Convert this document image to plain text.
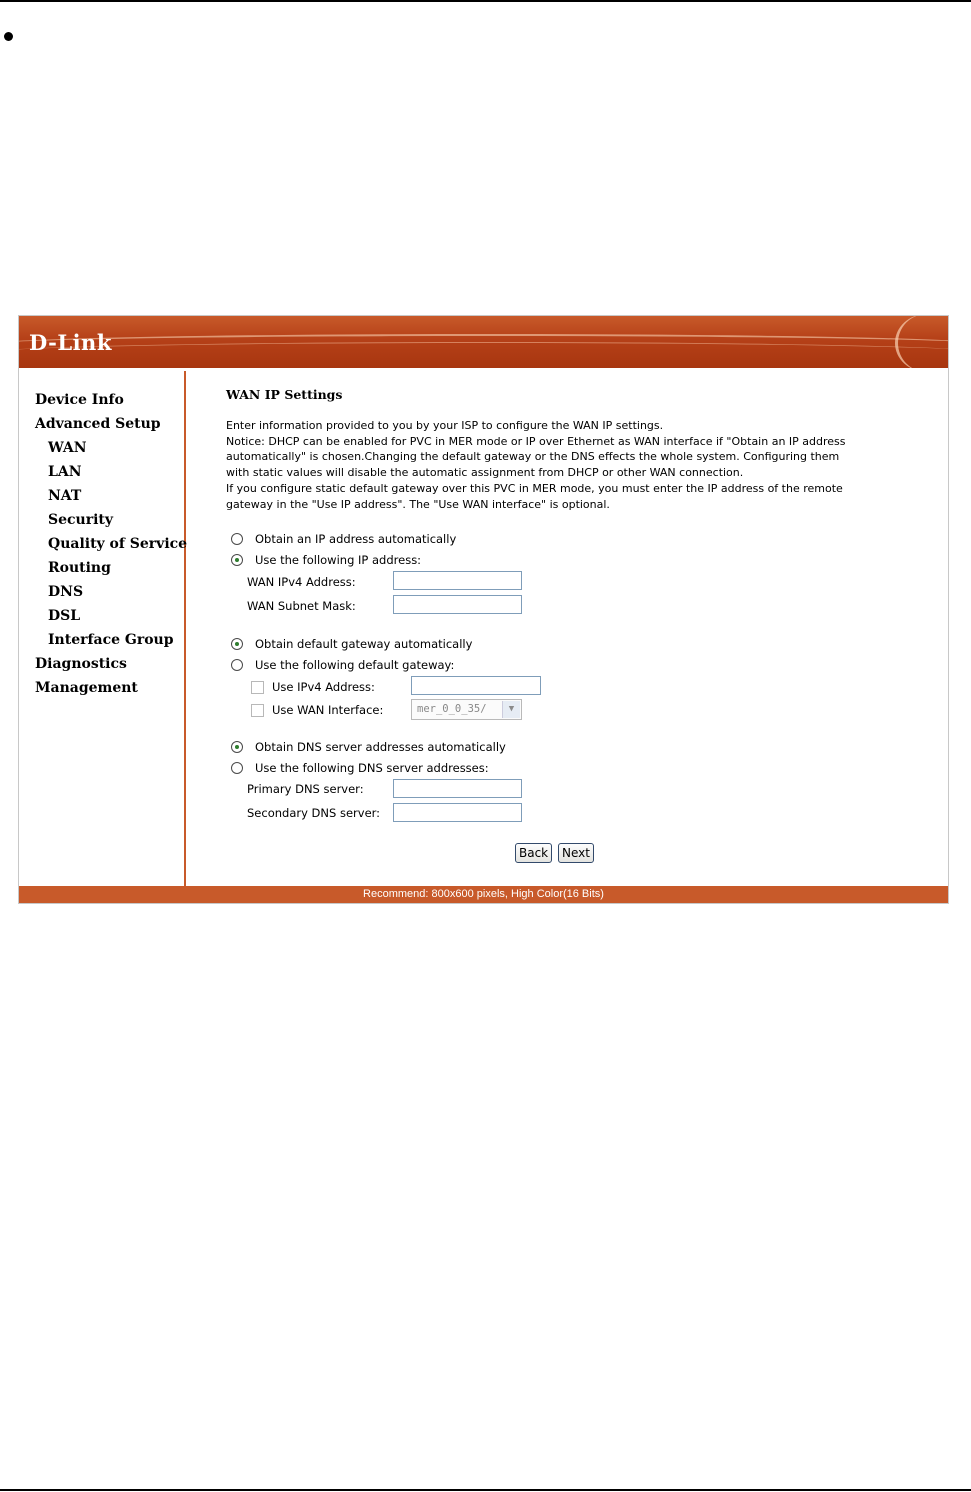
D-Link
Device Info
Advanced Setup
WAN
LAN
NAT
Security
Quality of Service
Routing
DNS
DSL
Interface Group
Diagnostics
Management
WAN IP Settings
Enter information provided to you by your ISP to configure the WAN IP settings.
Notice: DHCP can be enabled for PVC in MER mode or IP over Ethernet as WAN interface if "Obtain an IP address
automatically" is chosen.Changing the default gateway or the DNS effects the whole system. Configuring them
with static values will disable the automatic assignment from DHCP or other WAN connection.
If you configure static default gateway over this PVC in MER mode, you must enter the IP address of the remote
gateway in the "Use IP address". The "Use WAN interface" is optional.
Obtain an IP address automatically
Use the following IP address:
WAN IPv4 Address:
WAN Subnet Mask:
Obtain default gateway automatically
Use the following default gateway:
Use IPv4 Address:
Use WAN Interface:	mer_0_0_35/	▼
Obtain DNS server addresses automatically
Use the following DNS server addresses:
Primary DNS server:
Secondary DNS server:
Back	Next
Recommend: 800x600 pixels, High Color(16 Bits)
